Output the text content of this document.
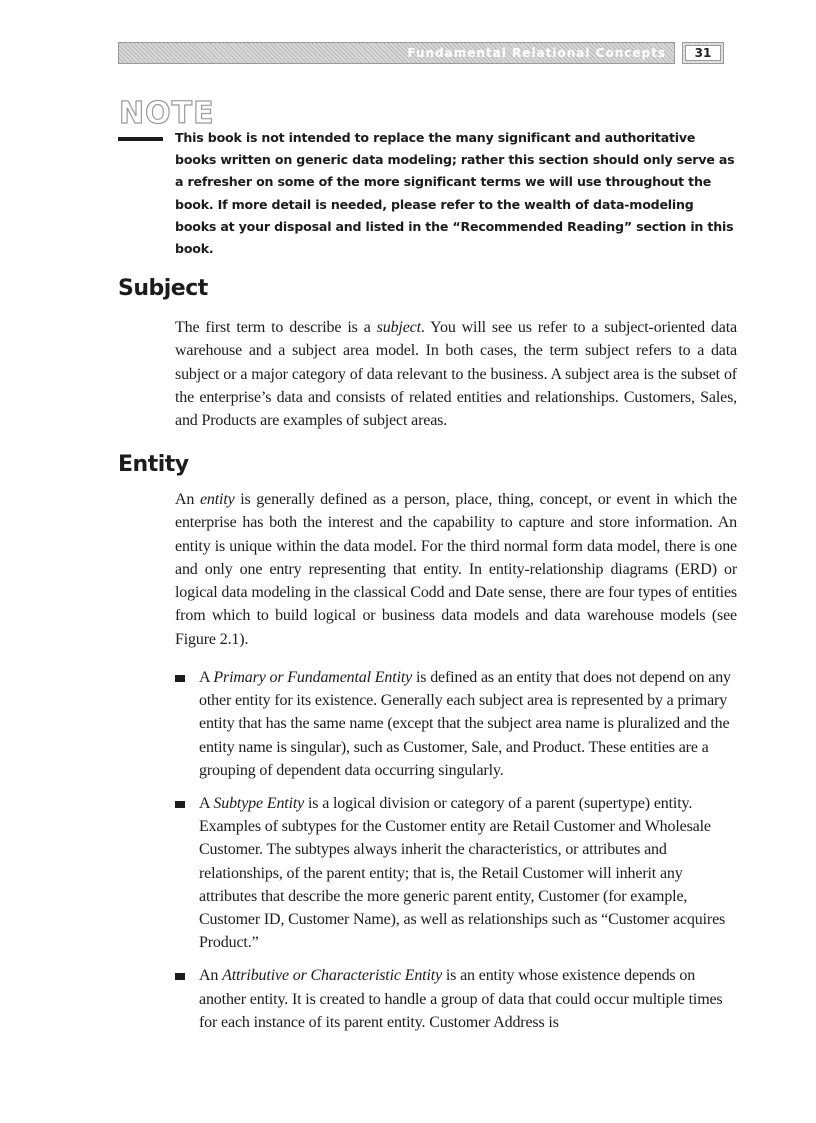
Fundamental Relational Concepts	31
NOTE

This book is not intended to replace the many significant and authoritative books written on generic data modeling; rather this section should only serve as a refresher on some of the more significant terms we will use throughout the book. If more detail is needed, please refer to the wealth of data-modeling books at your disposal and listed in the “Recommended Reading” section in this book.

Subject

The first term to describe is a subject. You will see us refer to a subject-oriented data warehouse and a subject area model. In both cases, the term subject refers to a data subject or a major category of data relevant to the business. A subject area is the subset of the enterprise’s data and consists of related entities and relationships. Customers, Sales, and Products are examples of subject areas.

Entity

An entity is generally defined as a person, place, thing, concept, or event in which the enterprise has both the interest and the capability to capture and store information. An entity is unique within the data model. For the third normal form data model, there is one and only one entry representing that entity. In entity-relationship diagrams (ERD) or logical data modeling in the classical Codd and Date sense, there are four types of entities from which to build logical or business data models and data warehouse models (see Figure 2.1).

A Primary or Fundamental Entity is defined as an entity that does not depend on any other entity for its existence. Generally each subject area is represented by a primary entity that has the same name (except that the subject area name is pluralized and the entity name is singular), such as Customer, Sale, and Product. These entities are a grouping of dependent data occurring singularly.
A Subtype Entity is a logical division or category of a parent (supertype) entity. Examples of subtypes for the Customer entity are Retail Customer and Wholesale Customer. The subtypes always inherit the characteristics, or attributes and relationships, of the parent entity; that is, the Retail Customer will inherit any attributes that describe the more generic parent entity, Customer (for example, Customer ID, Customer Name), as well as relationships such as “Customer acquires Product.”
An Attributive or Characteristic Entity is an entity whose existence depends on another entity. It is created to handle a group of data that could occur multiple times for each instance of its parent entity. Customer Address is
